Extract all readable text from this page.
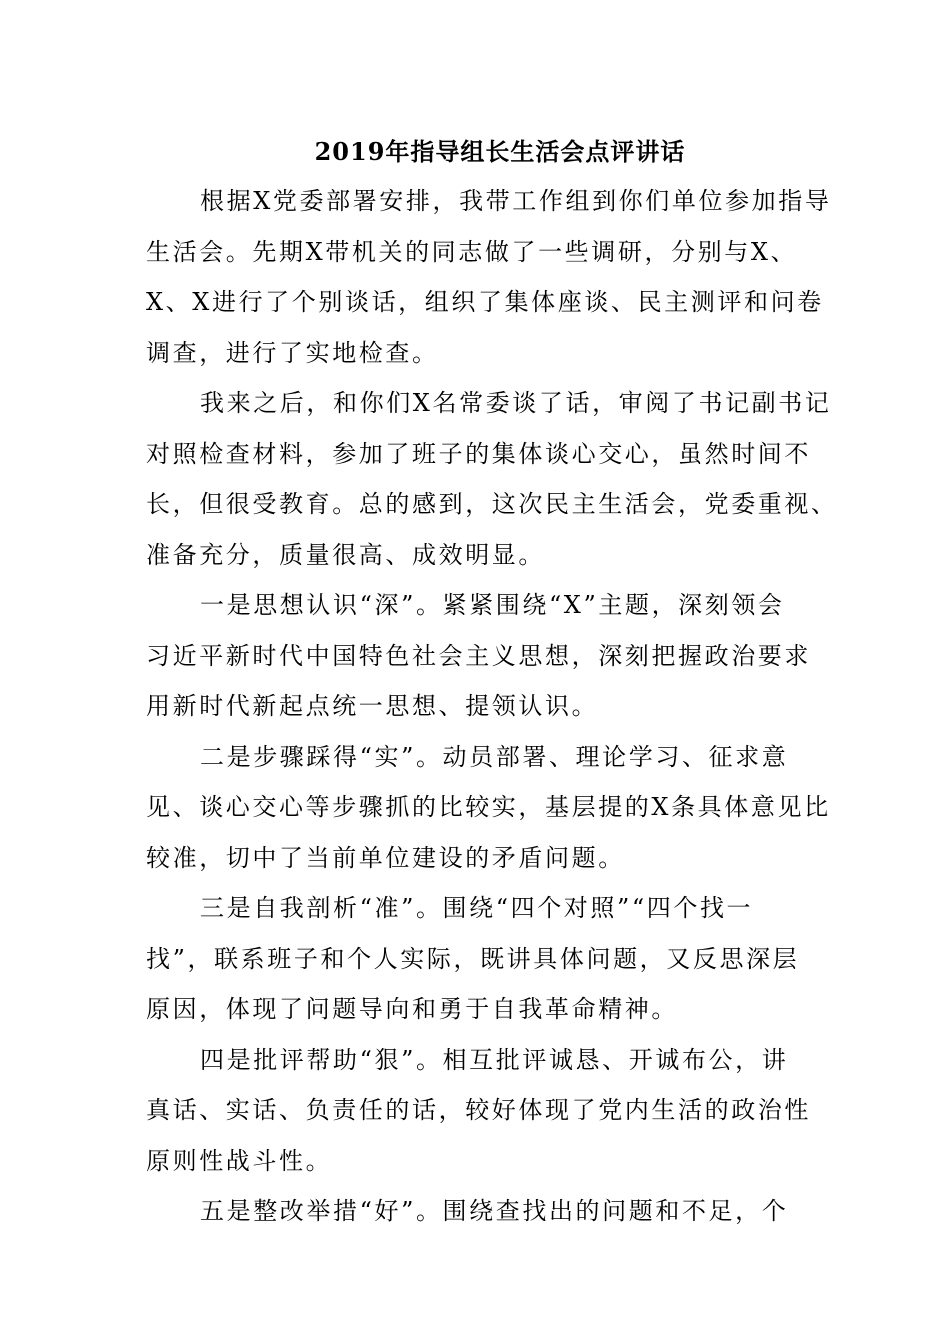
2019年指导组长生活会点评讲话
根据X党委部署安排，我带工作组到你们单位参加指导
生活会。先期X带机关的同志做了一些调研，分别与X、
X、X进行了个别谈话，组织了集体座谈、民主测评和问卷
调查，进行了实地检查。
我来之后，和你们X名常委谈了话，审阅了书记副书记
对照检查材料，参加了班子的集体谈心交心，虽然时间不
长，但很受教育。总的感到，这次民主生活会，党委重视、
准备充分，质量很高、成效明显。
一是思想认识“深”。紧紧围绕“X”主题，深刻领会
习近平新时代中国特色社会主义思想，深刻把握政治要求
用新时代新起点统一思想、提领认识。
二是步骤踩得“实”。动员部署、理论学习、征求意
见、谈心交心等步骤抓的比较实，基层提的X条具体意见比
较准，切中了当前单位建设的矛盾问题。
三是自我剖析“准”。围绕“四个对照”“四个找一
找”，联系班子和个人实际，既讲具体问题，又反思深层
原因，体现了问题导向和勇于自我革命精神。
四是批评帮助“狠”。相互批评诚恳、开诚布公，讲
真话、实话、负责任的话，较好体现了党内生活的政治性
原则性战斗性。
五是整改举措“好”。围绕查找出的问题和不足，个
